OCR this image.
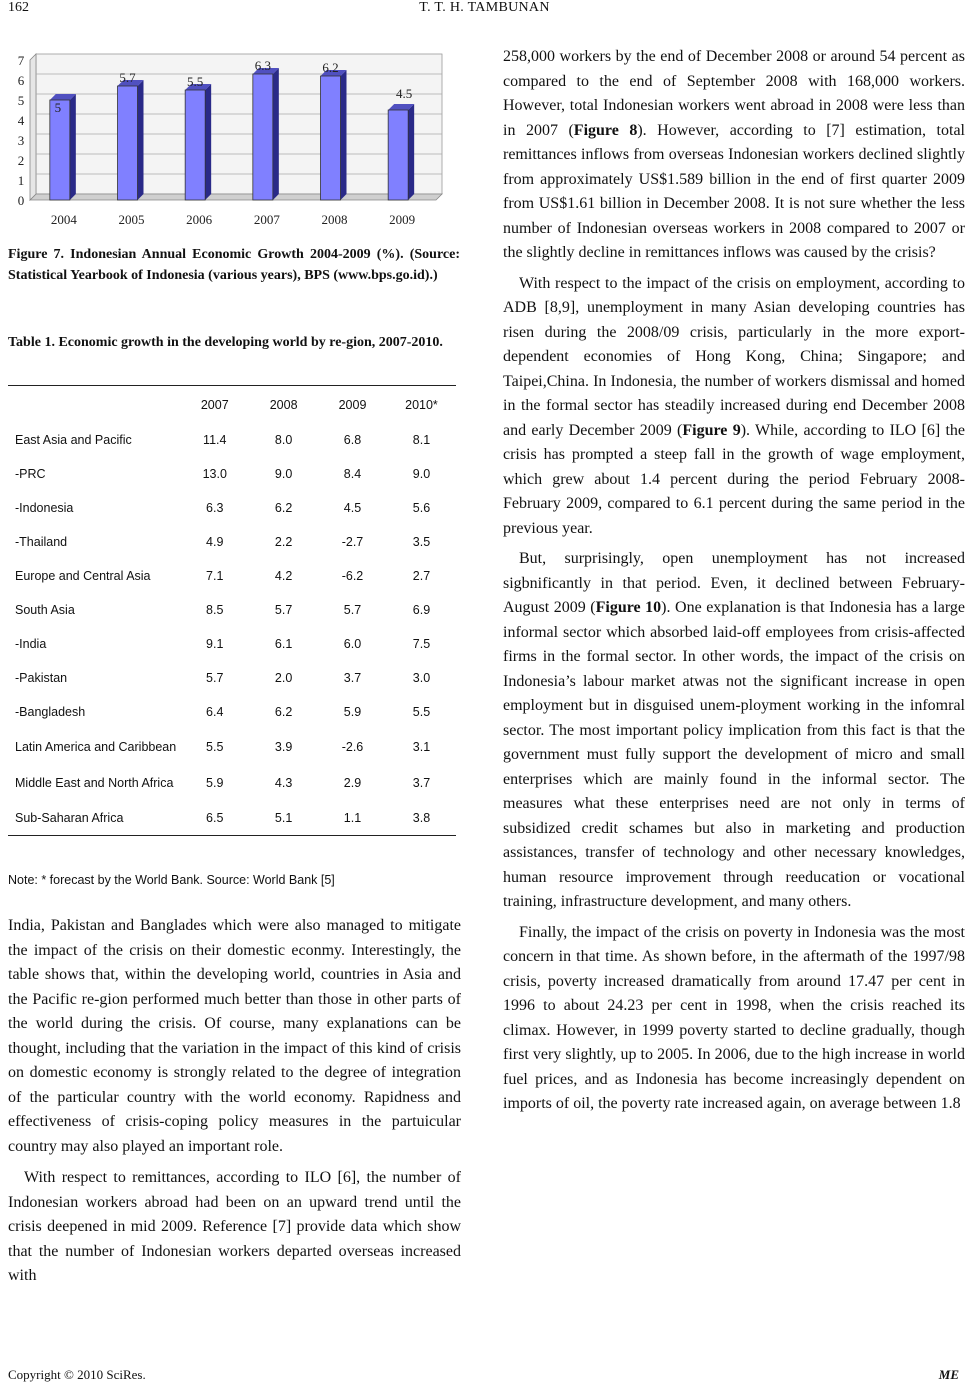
162	T. T. H. TAMBUNAN
0
1
2
3
4
5
6
7
5
2004
5.7
2005
5.5
2006
6.3
2007
6.2
2008
4.5
2009
Figure 7. Indonesian Annual Economic Growth 2004-2009 (%). (Source: Statistical Yearbook of Indonesia (various years), BPS (www.bps.go.id).)
Table 1. Economic growth in the developing world by re-gion, 2007-2010.
	2007	2008	2009	2010*
East Asia and Pacific	11.4	8.0	6.8	8.1
-PRC	13.0	9.0	8.4	9.0
-Indonesia	6.3	6.2	4.5	5.6
-Thailand	4.9	2.2	-2.7	3.5
Europe and Central Asia	7.1	4.2	-6.2	2.7
South Asia	8.5	5.7	5.7	6.9
-India	9.1	6.1	6.0	7.5
-Pakistan	5.7	2.0	3.7	3.0
-Bangladesh	6.4	6.2	5.9	5.5
Latin America and Caribbean	5.5	3.9	-2.6	3.1
Middle East and North Africa	5.9	4.3	2.9	3.7
Sub-Saharan Africa	6.5	5.1	1.1	3.8
Note: * forecast by the World Bank. Source: World Bank [5]

India, Pakistan and Banglades which were also managed to mitigate the impact of the crisis on their domestic econmy. Interestingly, the table shows that, within the developing world, countries in Asia and the Pacific re-gion performed much better than those in other parts of the world during the crisis. Of course, many explanations can be thought, including that the variation in the impact of this kind of crisis on domestic economy is strongly related to the degree of integration of the particular country with the world economy. Rapidness and effectiveness of crisis-coping policy measures in the partuicular country may also played an important role.

With respect to remittances, according to ILO [6], the number of Indonesian workers abroad had been on an upward trend until the crisis deepened in mid 2009. Reference [7] provide data which show that the number of Indonesian workers departed overseas increased with

258,000 workers by the end of December 2008 or around 54 percent as compared to the end of September 2008 with 168,000 workers. However, total Indonesian workers went abroad in 2008 were less than in 2007 (Figure 8). However, according to [7] estimation, total remittances inflows from overseas Indonesian workers declined slightly from approximately US$1.589 billion in the end of first quarter 2009 from US$1.61 billion in December 2008. It is not sure whether the less number of Indonesian overseas workers in 2008 compared to 2007 or the slightly decline in remittances inflows was caused by the crisis?

With respect to the impact of the crisis on employment, according to ADB [8,9], unemployment in many Asian developing countries has risen during the 2008/09 crisis, particularly in the more export-dependent economies of Hong Kong, China; Singapore; and Taipei,China. In Indonesia, the number of workers dismissal and homed in the formal sector has steadily increased during end December 2008 and early December 2009 (Figure 9). While, according to ILO [6] the crisis has prompted a steep fall in the growth of wage employment, which grew about 1.4 percent during the period February 2008-February 2009, compared to 6.1 percent during the same period in the previous year.

But, surprisingly, open unemployment has not increased sigbnificantly in that period. Even, it declined between February-August 2009 (Figure 10). One explanation is that Indonesia has a large informal sector which absorbed laid-off employees from crisis-affected firms in the formal sector. In other words, the impact of the crisis on Indonesia’s labour market atwas not the significant increase in open employment but in disguised unem-ployment working in the infomral sector. The most important policy implication from this fact is that the government must fully support the development of micro and small enterprises which are mainly found in the informal sector. The measures what these enterprises need are not only in terms of subsidized credit schames but also in marketing and production assistances, transfer of technology and other necessary knowledges, human resource improvement through reeducation or vocational training, infrastructure development, and many others.

Finally, the impact of the crisis on poverty in Indonesia was the most concern in that time. As shown before, in the aftermath of the 1997/98 crisis, poverty increased dramatically from around 17.47 per cent in 1996 to about 24.23 per cent in 1998, when the crisis reached its climax. However, in 1999 poverty started to decline gradually, though first very slightly, up to 2005. In 2006, due to the high increase in world fuel prices, and as Indonesia has become increasingly dependent on imports of oil, the poverty rate increased again, on average between 1.8

Copyright © 2010 SciRes.	ME
